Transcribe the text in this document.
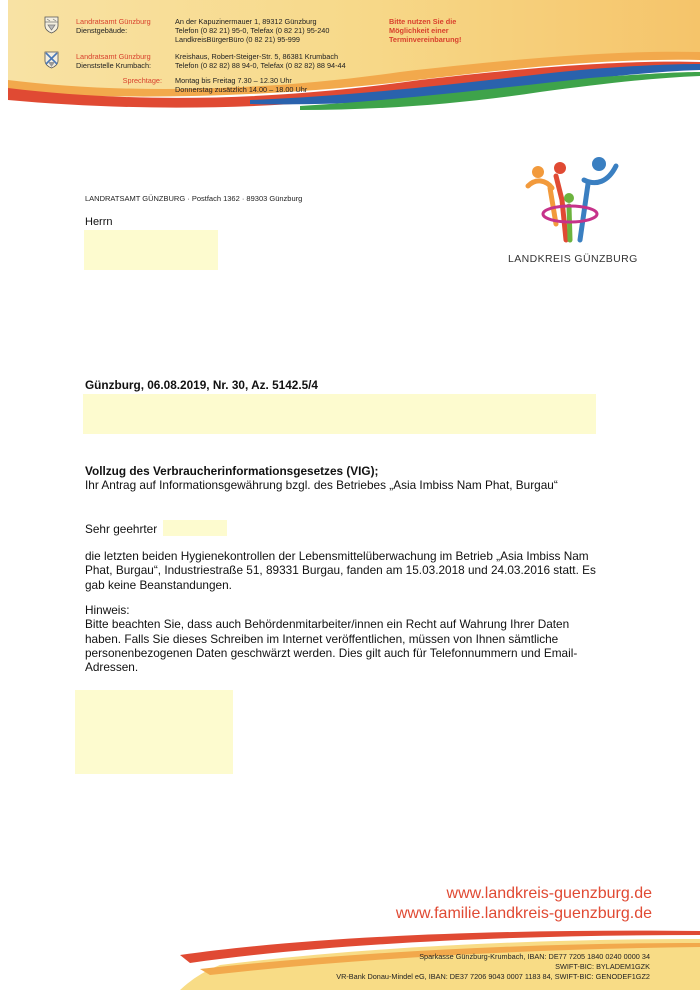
Landratsamt Günzburg
Dienstgebäude:
An der Kapuzinermauer 1, 89312 Günzburg
Telefon (0 82 21) 95-0, Telefax (0 82 21) 95-240
LandkreisBürgerBüro (0 82 21) 95-999
Landratsamt Günzburg
Dienststelle Krumbach:
Kreishaus, Robert-Steiger-Str. 5, 86381 Krumbach
Telefon (0 82 82) 88 94-0, Telefax (0 82 82) 88 94-44
Sprechtage: Montag bis Freitag 7.30 – 12.30 Uhr
Donnerstag zusätzlich 14.00 – 18.00 Uhr
Bitte nutzen Sie die
Möglichkeit einer
Terminvereinbarung!
LANDKREIS GÜNZBURG
LANDRATSAMT GÜNZBURG · Postfach 1362 · 89303 Günzburg
Herrn
Günzburg, 06.08.2019, Nr. 30, Az. 5142.5/4
Vollzug des Verbraucherinformationsgesetzes (VIG);
Ihr Antrag auf Informationsgewährung bzgl. des Betriebes „Asia Imbiss Nam Phat, Burgau“
Sehr geehrter
die letzten beiden Hygienekontrollen der Lebensmittelüberwachung im Betrieb „Asia Imbiss Nam
Phat, Burgau“, Industriestraße 51, 89331 Burgau, fanden am 15.03.2018 und 24.03.2016 statt. Es
gab keine Beanstandungen.
Hinweis:
Bitte beachten Sie, dass auch Behördenmitarbeiter/innen ein Recht auf Wahrung Ihrer Daten
haben. Falls Sie dieses Schreiben im Internet veröffentlichen, müssen von Ihnen sämtliche
personenbezogenen Daten geschwärzt werden. Dies gilt auch für Telefonnummern und Email-
Adressen.
www.landkreis-guenzburg.de
www.familie.landkreis-guenzburg.de
Sparkasse Günzburg-Krumbach, IBAN: DE77 7205 1840 0240 0000 34
SWIFT-BIC: BYLADEM1GZK
VR-Bank Donau-Mindel eG, IBAN: DE37 7206 9043 0007 1183 84, SWIFT-BIC: GENODEF1GZ2
